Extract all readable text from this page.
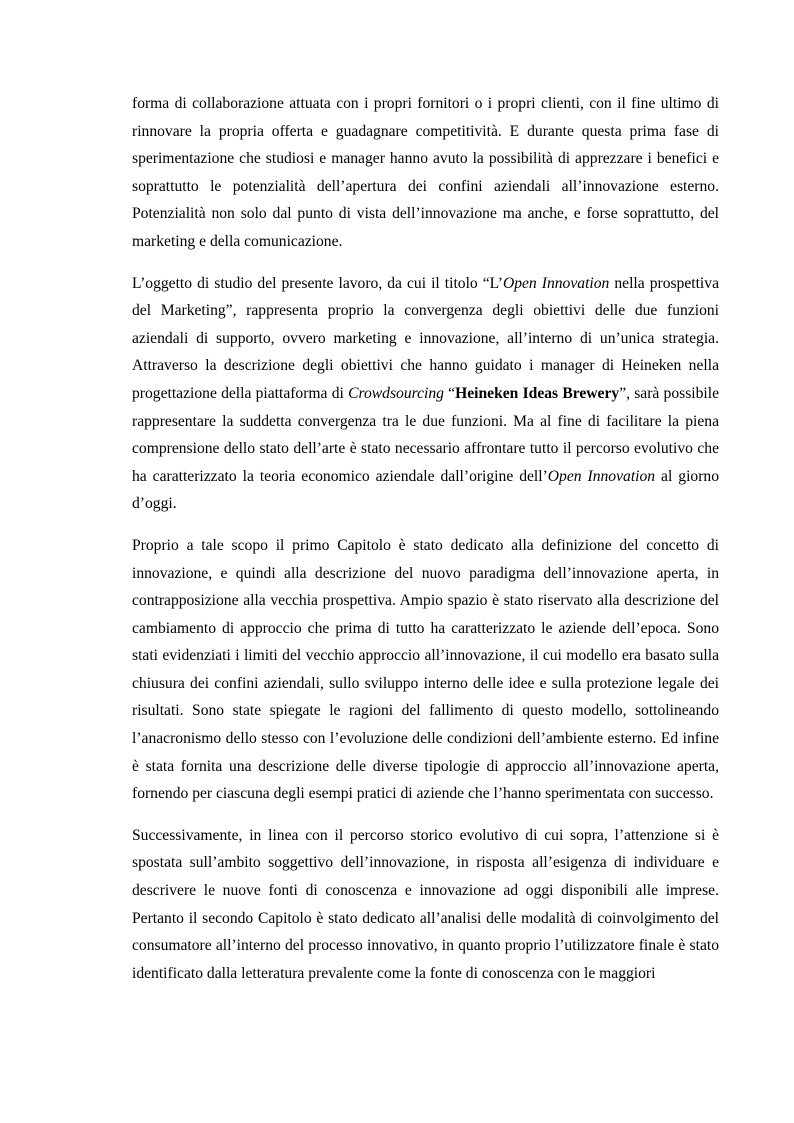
forma di collaborazione attuata con i propri fornitori o i propri clienti, con il fine ultimo di rinnovare la propria offerta e guadagnare competitività. E durante questa prima fase di sperimentazione che studiosi e manager hanno avuto la possibilità di apprezzare i benefici e soprattutto le potenzialità dell’apertura dei confini aziendali all’innovazione esterno. Potenzialità non solo dal punto di vista dell’innovazione ma anche, e forse soprattutto, del marketing e della comunicazione.

L’oggetto di studio del presente lavoro, da cui il titolo “L’Open Innovation nella prospettiva del Marketing”, rappresenta proprio la convergenza degli obiettivi delle due funzioni aziendali di supporto, ovvero marketing e innovazione, all’interno di un’unica strategia. Attraverso la descrizione degli obiettivi che hanno guidato i manager di Heineken nella progettazione della piattaforma di Crowdsourcing “Heineken Ideas Brewery”, sarà possibile rappresentare la suddetta convergenza tra le due funzioni. Ma al fine di facilitare la piena comprensione dello stato dell’arte è stato necessario affrontare tutto il percorso evolutivo che ha caratterizzato la teoria economico aziendale dall’origine dell’Open Innovation al giorno d’oggi.

Proprio a tale scopo il primo Capitolo è stato dedicato alla definizione del concetto di innovazione, e quindi alla descrizione del nuovo paradigma dell’innovazione aperta, in contrapposizione alla vecchia prospettiva. Ampio spazio è stato riservato alla descrizione del cambiamento di approccio che prima di tutto ha caratterizzato le aziende dell’epoca. Sono stati evidenziati i limiti del vecchio approccio all’innovazione, il cui modello era basato sulla chiusura dei confini aziendali, sullo sviluppo interno delle idee e sulla protezione legale dei risultati. Sono state spiegate le ragioni del fallimento di questo modello, sottolineando l’anacronismo dello stesso con l’evoluzione delle condizioni dell’ambiente esterno. Ed infine è stata fornita una descrizione delle diverse tipologie di approccio all’innovazione aperta, fornendo per ciascuna degli esempi pratici di aziende che l’hanno sperimentata con successo.

Successivamente, in linea con il percorso storico evolutivo di cui sopra, l’attenzione si è spostata sull’ambito soggettivo dell’innovazione, in risposta all’esigenza di individuare e descrivere le nuove fonti di conoscenza e innovazione ad oggi disponibili alle imprese. Pertanto il secondo Capitolo è stato dedicato all’analisi delle modalità di coinvolgimento del consumatore all’interno del processo innovativo, in quanto proprio l’utilizzatore finale è stato identificato dalla letteratura prevalente come la fonte di conoscenza con le maggiori
